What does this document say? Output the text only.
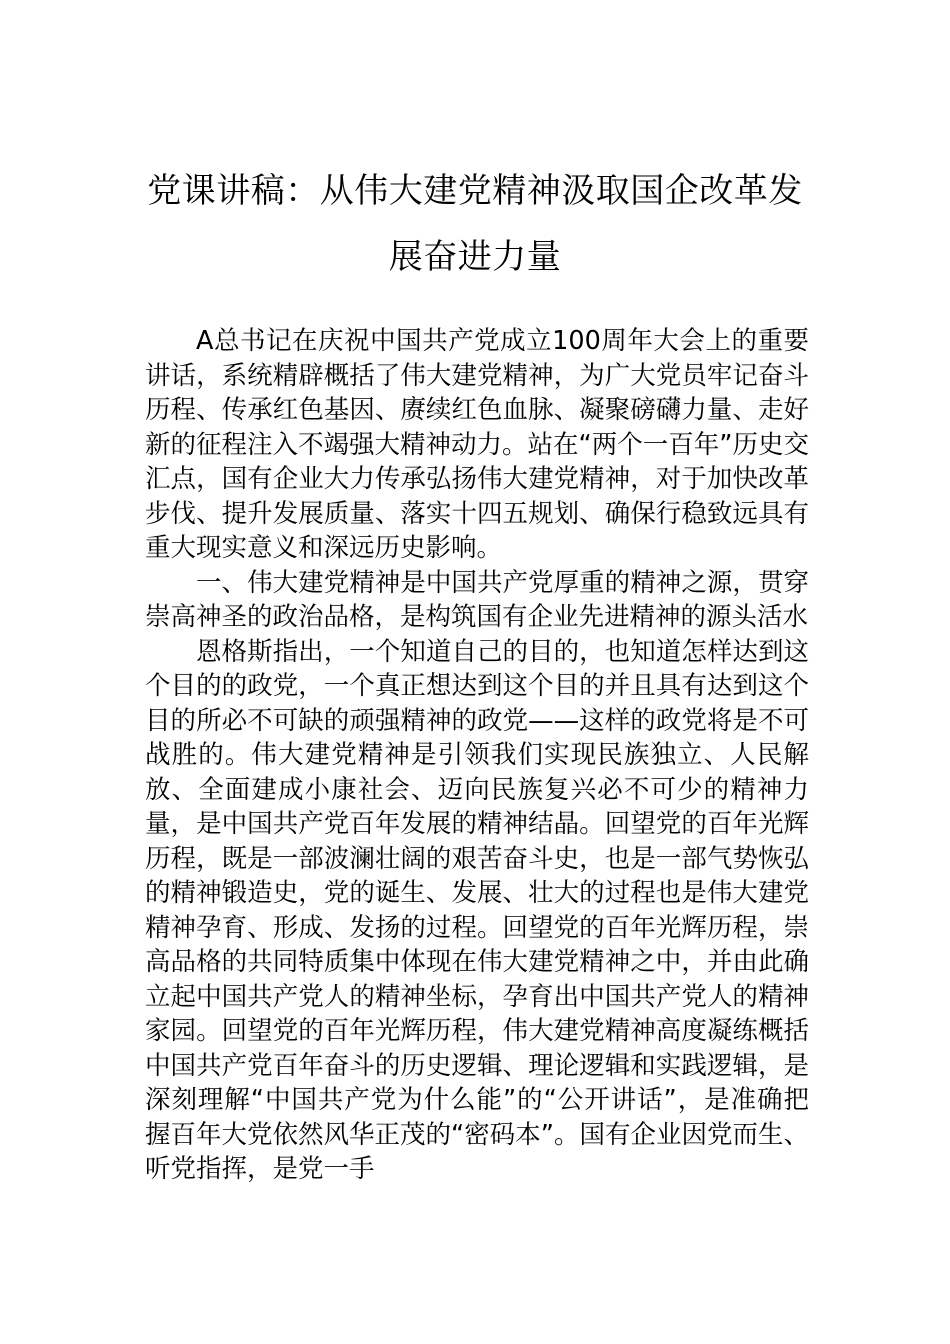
党课讲稿：从伟大建党精神汲取国企改革发展奋进力量

A总书记在庆祝中国共产党成立100周年大会上的重要讲话，系统精辟概括了伟大建党精神，为广大党员牢记奋斗历程、传承红色基因、赓续红色血脉、凝聚磅礴力量、走好新的征程注入不竭强大精神动力。站在“两个一百年”历史交汇点，国有企业大力传承弘扬伟大建党精神，对于加快改革步伐、提升发展质量、落实十四五规划、确保行稳致远具有重大现实意义和深远历史影响。

一、伟大建党精神是中国共产党厚重的精神之源，贯穿崇高神圣的政治品格，是构筑国有企业先进精神的源头活水

恩格斯指出，一个知道自己的目的，也知道怎样达到这个目的的政党，一个真正想达到这个目的并且具有达到这个目的所必不可缺的顽强精神的政党——这样的政党将是不可战胜的。伟大建党精神是引领我们实现民族独立、人民解放、全面建成小康社会、迈向民族复兴必不可少的精神力量，是中国共产党百年发展的精神结晶。回望党的百年光辉历程，既是一部波澜壮阔的艰苦奋斗史，也是一部气势恢弘的精神锻造史，党的诞生、发展、壮大的过程也是伟大建党精神孕育、形成、发扬的过程。回望党的百年光辉历程，崇高品格的共同特质集中体现在伟大建党精神之中，并由此确立起中国共产党人的精神坐标，孕育出中国共产党人的精神家园。回望党的百年光辉历程，伟大建党精神高度凝练概括中国共产党百年奋斗的历史逻辑、理论逻辑和实践逻辑，是深刻理解“中国共产党为什么能”的“公开讲话”，是准确把握百年大党依然风华正茂的“密码本”。国有企业因党而生、听党指挥，是党一手
